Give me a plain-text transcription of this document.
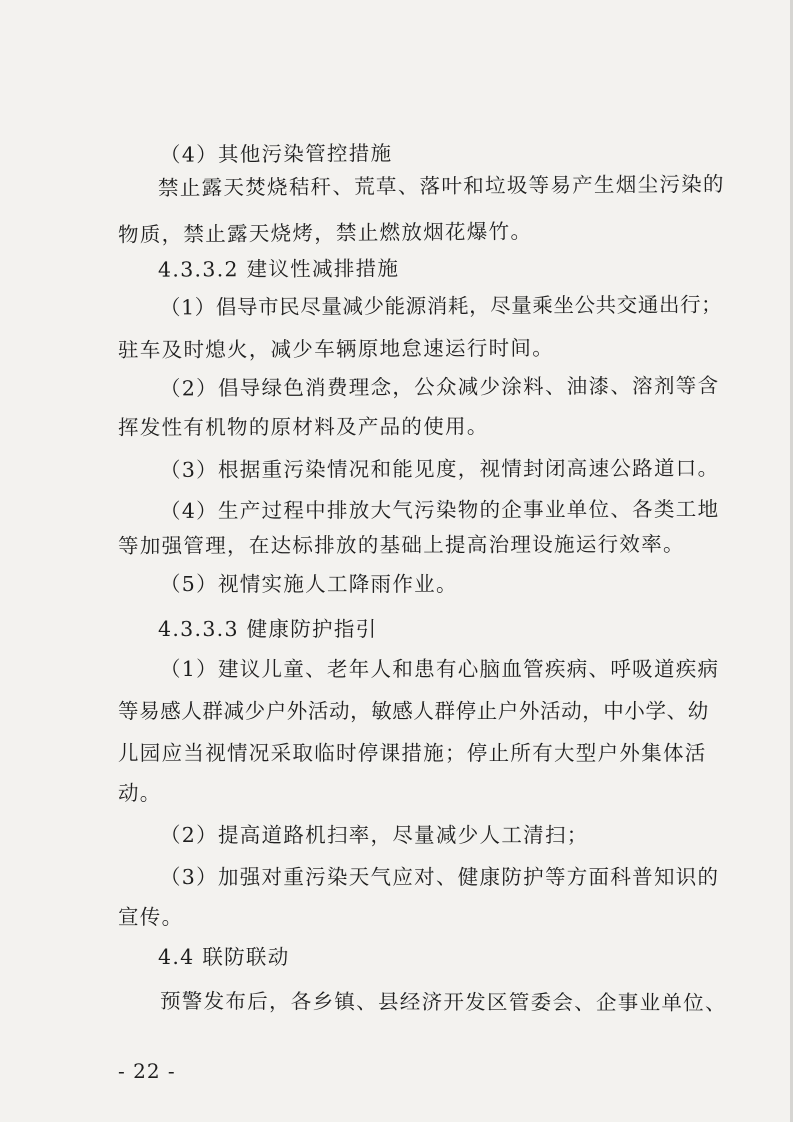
（4）其他污染管控措施
禁止露天焚烧秸秆、荒草、落叶和垃圾等易产生烟尘污染的
物质，禁止露天烧烤，禁止燃放烟花爆竹。
4.3.3.2 建议性减排措施
（1）倡导市民尽量减少能源消耗，尽量乘坐公共交通出行；
驻车及时熄火，减少车辆原地怠速运行时间。
（2）倡导绿色消费理念，公众减少涂料、油漆、溶剂等含
挥发性有机物的原材料及产品的使用。
（3）根据重污染情况和能见度，视情封闭高速公路道口。
（4）生产过程中排放大气污染物的企事业单位、各类工地
等加强管理，在达标排放的基础上提高治理设施运行效率。
（5）视情实施人工降雨作业。
4.3.3.3 健康防护指引
（1）建议儿童、老年人和患有心脑血管疾病、呼吸道疾病
等易感人群减少户外活动，敏感人群停止户外活动，中小学、幼
儿园应当视情况采取临时停课措施；停止所有大型户外集体活
动。
（2）提高道路机扫率，尽量减少人工清扫；
（3）加强对重污染天气应对、健康防护等方面科普知识的
宣传。
4.4 联防联动
预警发布后，各乡镇、县经济开发区管委会、企事业单位、
- 22 -
